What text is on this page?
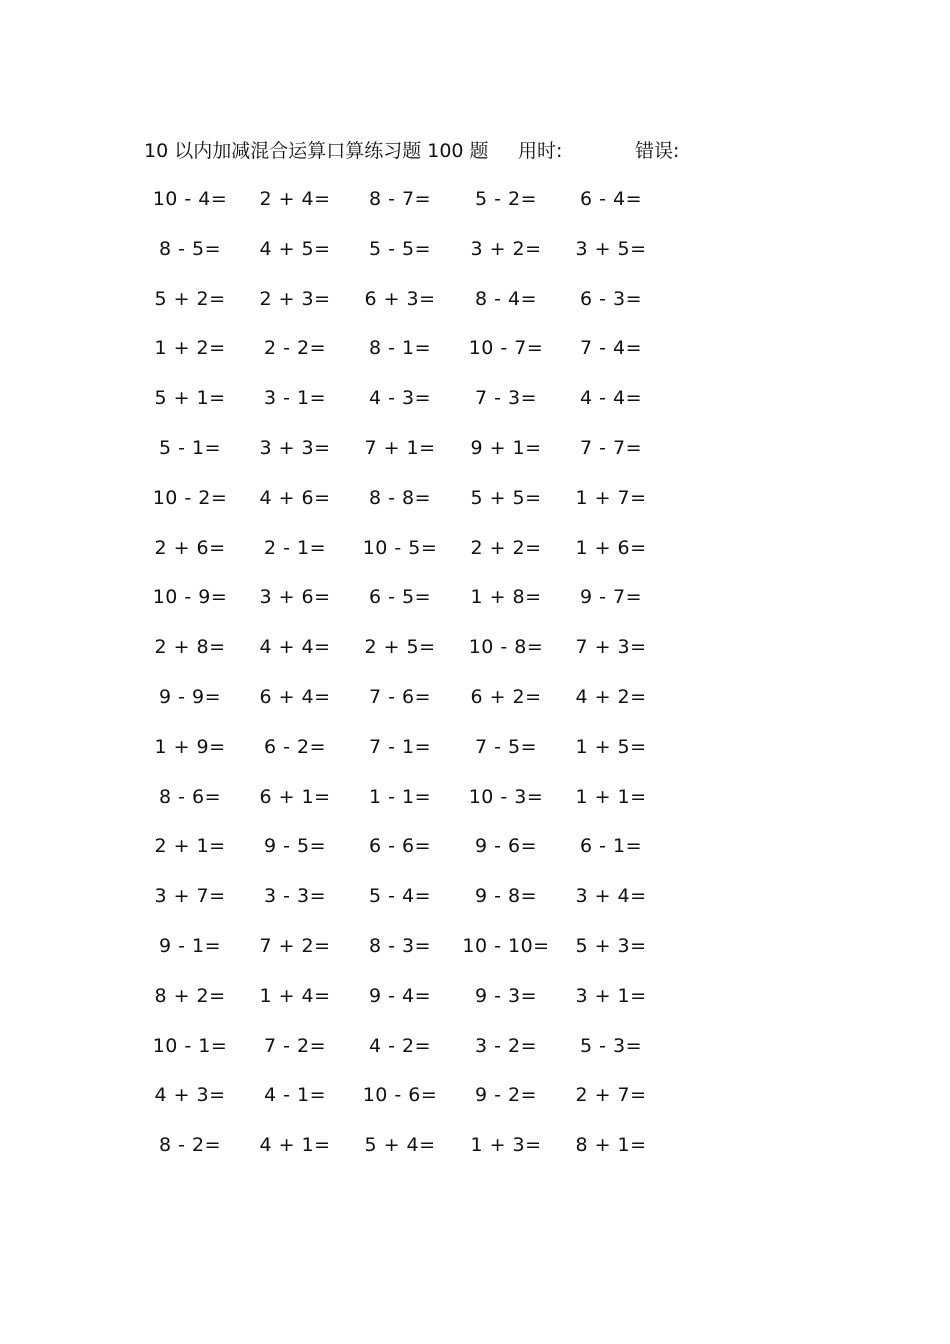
10 以内加减混合运算口算练习题 100 题 用时:	错误:
10 - 4=	2 + 4=	8 - 7=	5 - 2=	6 - 4=
8 - 5=	4 + 5=	5 - 5=	3 + 2=	3 + 5=
5 + 2=	2 + 3=	6 + 3=	8 - 4=	6 - 3=
1 + 2=	2 - 2=	8 - 1=	10 - 7=	7 - 4=
5 + 1=	3 - 1=	4 - 3=	7 - 3=	4 - 4=
5 - 1=	3 + 3=	7 + 1=	9 + 1=	7 - 7=
10 - 2=	4 + 6=	8 - 8=	5 + 5=	1 + 7=
2 + 6=	2 - 1=	10 - 5=	2 + 2=	1 + 6=
10 - 9=	3 + 6=	6 - 5=	1 + 8=	9 - 7=
2 + 8=	4 + 4=	2 + 5=	10 - 8=	7 + 3=
9 - 9=	6 + 4=	7 - 6=	6 + 2=	4 + 2=
1 + 9=	6 - 2=	7 - 1=	7 - 5=	1 + 5=
8 - 6=	6 + 1=	1 - 1=	10 - 3=	1 + 1=
2 + 1=	9 - 5=	6 - 6=	9 - 6=	6 - 1=
3 + 7=	3 - 3=	5 - 4=	9 - 8=	3 + 4=
9 - 1=	7 + 2=	8 - 3=	10 - 10=	5 + 3=
8 + 2=	1 + 4=	9 - 4=	9 - 3=	3 + 1=
10 - 1=	7 - 2=	4 - 2=	3 - 2=	5 - 3=
4 + 3=	4 - 1=	10 - 6=	9 - 2=	2 + 7=
8 - 2=	4 + 1=	5 + 4=	1 + 3=	8 + 1=
